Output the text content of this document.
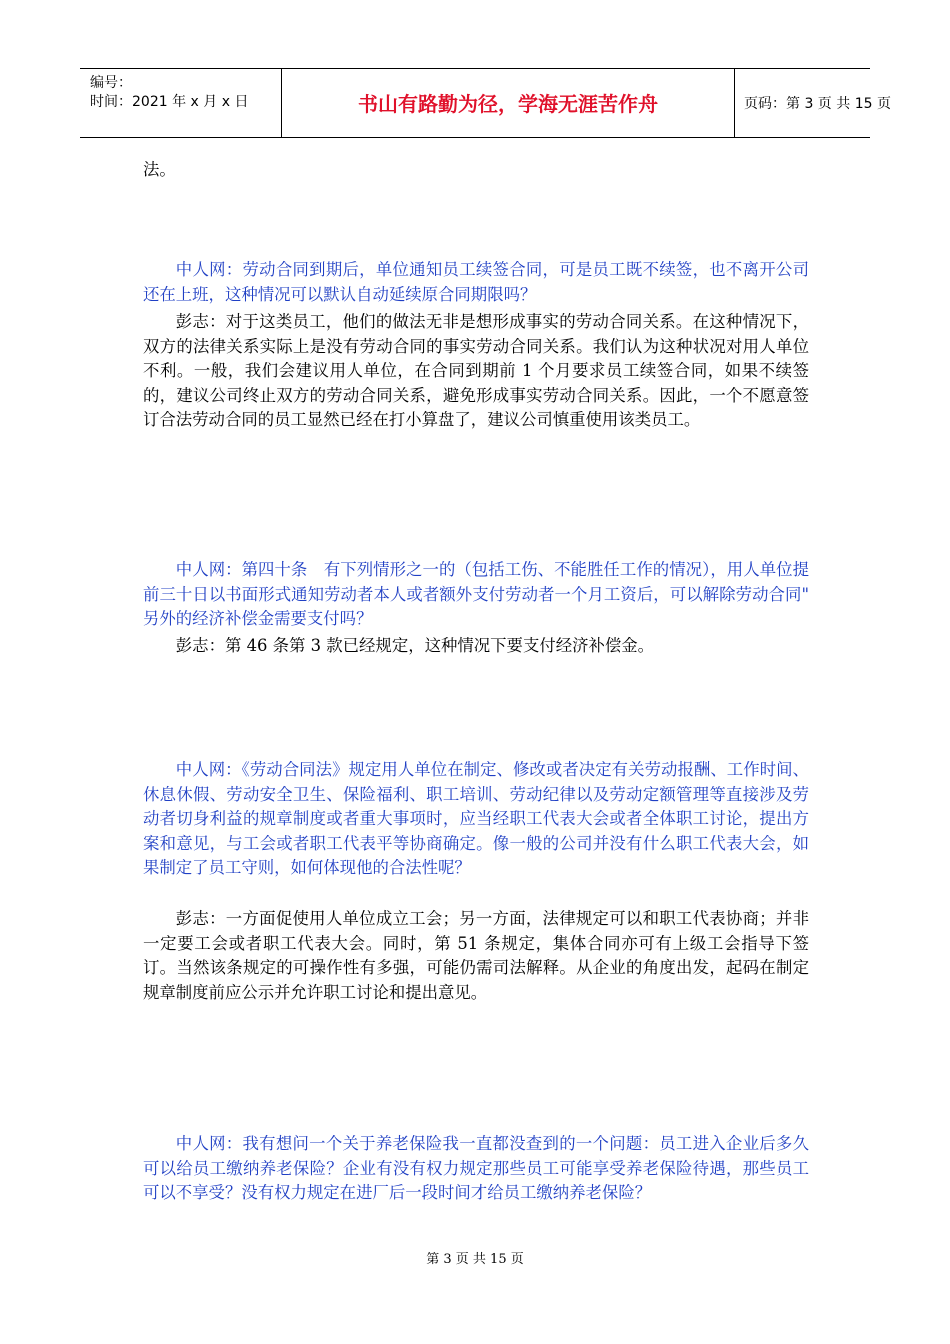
编号：
时间：2021 年 x 月 x 日	书山有路勤为径，学海无涯苦作舟	页码：第 3 页 共 15 页

法。

中人网：劳动合同到期后，单位通知员工续签合同，可是员工既不续签，也不离开公司还在上班，这种情况可以默认自动延续原合同期限吗？

彭志：对于这类员工，他们的做法无非是想形成事实的劳动合同关系。在这种情况下，双方的法律关系实际上是没有劳动合同的事实劳动合同关系。我们认为这种状况对用人单位不利。一般，我们会建议用人单位，在合同到期前 1 个月要求员工续签合同，如果不续签的，建议公司终止双方的劳动合同关系，避免形成事实劳动合同关系。因此，一个不愿意签订合法劳动合同的员工显然已经在打小算盘了，建议公司慎重使用该类员工。

中人网：第四十条　有下列情形之一的（包括工伤、不能胜任工作的情况），用人单位提前三十日以书面形式通知劳动者本人或者额外支付劳动者一个月工资后，可以解除劳动合同" 另外的经济补偿金需要支付吗？

彭志：第 46 条第 3 款已经规定，这种情况下要支付经济补偿金。

中人网：《劳动合同法》规定用人单位在制定、修改或者决定有关劳动报酬、工作时间、休息休假、劳动安全卫生、保险福利、职工培训、劳动纪律以及劳动定额管理等直接涉及劳动者切身利益的规章制度或者重大事项时，应当经职工代表大会或者全体职工讨论，提出方案和意见，与工会或者职工代表平等协商确定。像一般的公司并没有什么职工代表大会，如果制定了员工守则，如何体现他的合法性呢？

彭志：一方面促使用人单位成立工会；另一方面，法律规定可以和职工代表协商；并非一定要工会或者职工代表大会。同时，第 51 条规定，集体合同亦可有上级工会指导下签订。当然该条规定的可操作性有多强，可能仍需司法解释。从企业的角度出发，起码在制定规章制度前应公示并允许职工讨论和提出意见。

中人网：我有想问一个关于养老保险我一直都没查到的一个问题：员工进入企业后多久可以给员工缴纳养老保险？企业有没有权力规定那些员工可能享受养老保险待遇，那些员工可以不享受？没有权力规定在进厂后一段时间才给员工缴纳养老保险？

第 3 页 共 15 页
